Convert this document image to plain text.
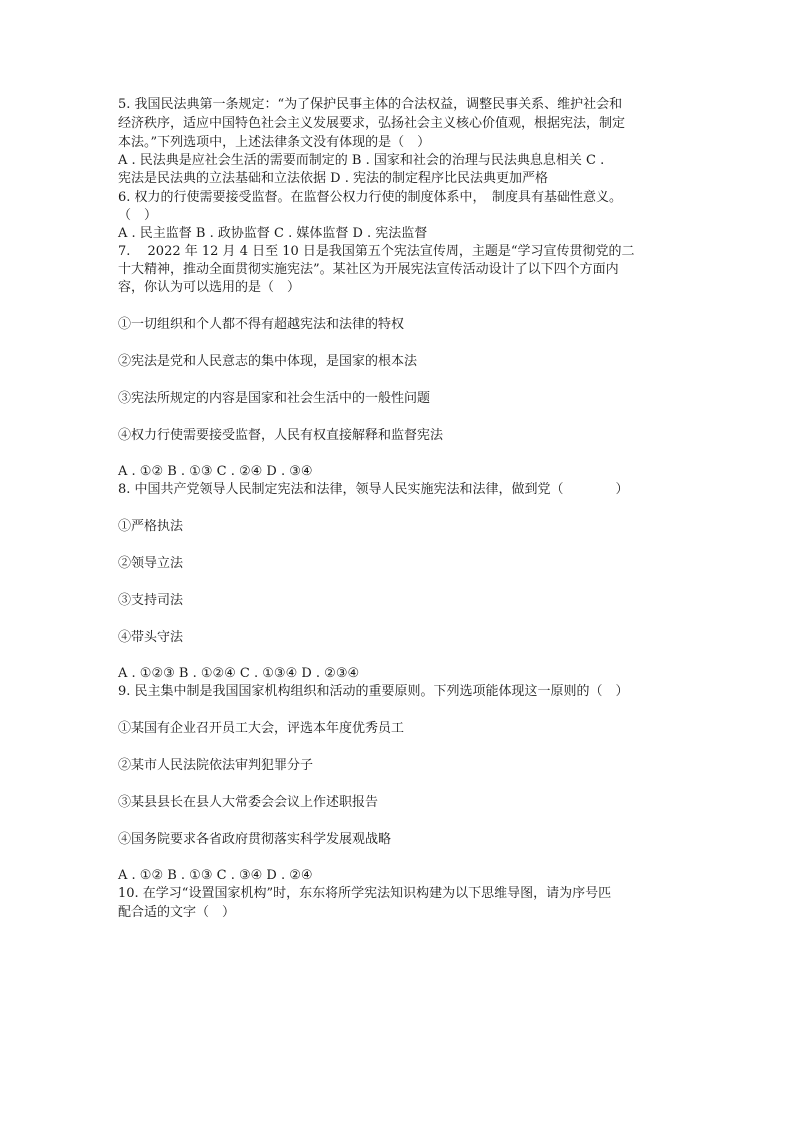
5. 我国民法典第一条规定：“为了保护民事主体的合法权益，调整民事关系、维护社会和
经济秩序，适应中国特色社会主义发展要求，弘扬社会主义核心价值观，根据宪法，制定
本法。”下列选项中，上述法律条文没有体现的是（　）
A . 民法典是应社会生活的需要而制定的 B . 国家和社会的治理与民法典息息相关 C .
宪法是民法典的立法基础和立法依据 D . 宪法的制定程序比民法典更加严格
6. 权力的行使需要接受监督。在监督公权力行使的制度体系中，　制度具有基础性意义。
（　）
A . 民主监督 B . 政协监督 C . 媒体监督 D . 宪法监督
7.　 2022 年 12 月 4 日至 10 日是我国第五个宪法宣传周，主题是“学习宣传贯彻党的二
十大精神，推动全面贯彻实施宪法”。某社区为开展宪法宣传活动设计了以下四个方面内
容，你认为可以选用的是（　）
①一切组织和个人都不得有超越宪法和法律的特权
②宪法是党和人民意志的集中体现，是国家的根本法
③宪法所规定的内容是国家和社会生活中的一般性问题
④权力行使需要接受监督，人民有权直接解释和监督宪法
A . ①② B . ①③ C . ②④ D . ③④
8. 中国共产党领导人民制定宪法和法律，领导人民实施宪法和法律，做到党（　　　　）
①严格执法
②领导立法
③支持司法
④带头守法
A . ①②③ B . ①②④ C . ①③④ D . ②③④
9. 民主集中制是我国国家机构组织和活动的重要原则。下列选项能体现这一原则的（　）
①某国有企业召开员工大会，评选本年度优秀员工
②某市人民法院依法审判犯罪分子
③某县县长在县人大常委会会议上作述职报告
④国务院要求各省政府贯彻落实科学发展观战略
A . ①② B . ①③ C . ③④ D . ②④
10. 在学习“设置国家机构”时，东东将所学宪法知识构建为以下思维导图，请为序号匹
配合适的文字（　）
